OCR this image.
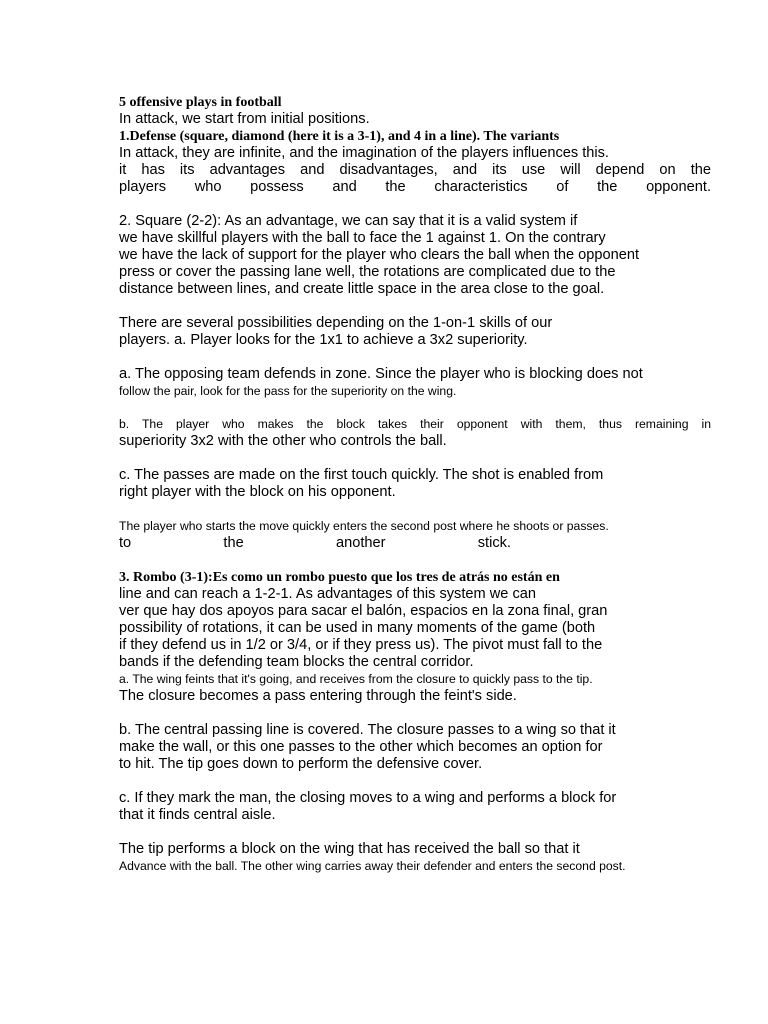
5 offensive plays in football
In attack, we start from initial positions.
1.Defense (square, diamond (here it is a 3-1), and 4 in a line). The variants
In attack, they are infinite, and the imagination of the players influences this.
it has its advantages and disadvantages, and its use will depend on the
players who possess and the characteristics of the opponent.
2. Square (2-2): As an advantage, we can say that it is a valid system if
we have skillful players with the ball to face the 1 against 1. On the contrary
we have the lack of support for the player who clears the ball when the opponent
press or cover the passing lane well, the rotations are complicated due to the
distance between lines, and create little space in the area close to the goal.
There are several possibilities depending on the 1-on-1 skills of our
players. a. Player looks for the 1x1 to achieve a 3x2 superiority.
a. The opposing team defends in zone. Since the player who is blocking does not
follow the pair, look for the pass for the superiority on the wing.
b. The player who makes the block takes their opponent with them, thus remaining in
superiority 3x2 with the other who controls the ball.
c. The passes are made on the first touch quickly. The shot is enabled from
right player with the block on his opponent.
The player who starts the move quickly enters the second post where he shoots or passes.
to the another stick.
3. Rombo (3-1):Es como un rombo puesto que los tres de atrás no están en
line and can reach a 1-2-1. As advantages of this system we can
ver que hay dos apoyos para sacar el balón, espacios en la zona final, gran
possibility of rotations, it can be used in many moments of the game (both
if they defend us in 1/2 or 3/4, or if they press us). The pivot must fall to the
bands if the defending team blocks the central corridor.
a. The wing feints that it's going, and receives from the closure to quickly pass to the tip.
The closure becomes a pass entering through the feint's side.
b. The central passing line is covered. The closure passes to a wing so that it
make the wall, or this one passes to the other which becomes an option for
to hit. The tip goes down to perform the defensive cover.
c. If they mark the man, the closing moves to a wing and performs a block for
that it finds central aisle.
The tip performs a block on the wing that has received the ball so that it
Advance with the ball. The other wing carries away their defender and enters the second post.
